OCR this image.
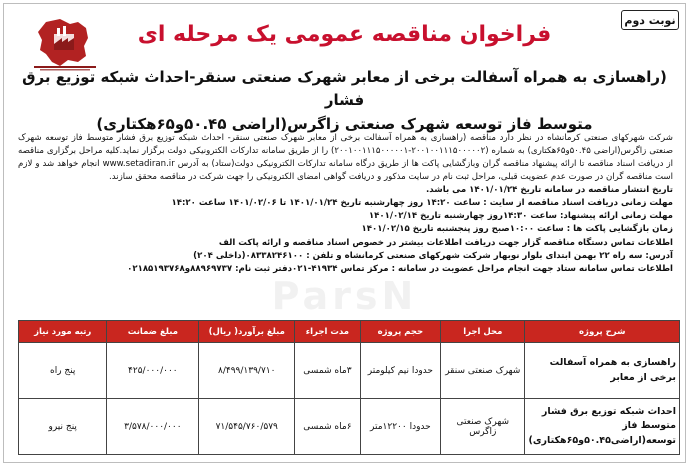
نوبت دوم
فراخوان مناقصه عمومی یک مرحله ای
(راهسازی به همراه آسفالت برخی از معابر شهرک صنعتی سنقر-احداث شبکه توزیع برق فشار
متوسط فاز توسعه شهرک صنعتی زاگرس(اراضی ۵۰.۴۵و۶۵هکتاری)
ParsN

شرکت شهرکهای صنعتی کرمانشاه در نظر دارد مناقصه (راهسازی به همراه آسفالت برخی از معابر شهرک صنعتی سنقر- احداث شبکه توزیع برق فشار متوسط فاز توسعه شهرک صنعتی زاگرس(اراضی ۵۰.۴۵و۶۵هکتاری) به شماره (۲۰۰۱۰۰۱۱۱۵۰۰۰۰۰۲-۲۰۰۱۰۰۱۱۱۵۰۰۰۰۰۱) را از طریق سامانه تدارکات الکترونیکی دولت برگزار نماید.کلیه مراحل برگزاری مناقصه از دریافت اسناد مناقصه تا ارائه پیشنهاد مناقصه گران وبازگشایی پاکت ها از طریق درگاه سامانه تدارکات الکترونیکی دولت(ستاد) به آدرس www.setadiran.ir انجام خواهد شد و لازم است مناقصه گران در صورت عدم عضویت قبلی، مراحل ثبت نام در سایت مذکور و دریافت گواهی امضای الکترونیکی را جهت شرکت در مناقصه محقق سازند.

تاریخ انتشار مناقصه در سامانه تاریخ ۱۴۰۱/۰۱/۲۴ می باشد.

مهلت زمانی دریافت اسناد مناقصه از سایت : ساعت ۱۴:۲۰ روز چهارشنبه تاریخ ۱۴۰۱/۰۱/۲۴ تا ۱۴۰۱/۰۲/۰۶ ساعت ۱۴:۲۰

مهلت زمانی ارائه پیشنهاد: ساعت ۱۴:۳۰روز چهارشنبه تاریخ ۱۴۰۱/۰۲/۱۴

زمان بازگشایی پاکت ها : ساعت ۱۰:۰۰صبح روز پنجشنبه تاریخ ۱۴۰۱/۰۲/۱۵

اطلاعات تماس دستگاه مناقصه گزار جهت دریافت اطلاعات بیشتر در خصوص اسناد مناقصه و ارائه پاکت الف

آدرس: سه راه ۲۲ بهمن ابتدای بلوار نوبهار شرکت شهرکهای صنعتی کرمانشاه و تلفن : ۰۸۳۳۸۲۴۶۱۰۰(داخلی ۲۰۴)

اطلاعات تماس سامانه ستاد جهت انجام مراحل عضویت در سامانه : مرکز تماس ۴۱۹۳۴-۰۲۱دفتر ثبت نام: ۸۸۹۶۹۷۳۷و۰۲۱۸۵۱۹۳۷۶۸

شرح پروژه	محل اجرا	حجم پروژه	مدت اجراء	مبلغ برآورد( ریال)	مبلغ ضمانت	رتبه مورد نیاز
راهسازی به همراه آسفالت برخی از معابر	شهرک صنعتی سنقر	حدودا نیم کیلومتر	۳ماه شمسی	۸/۴۹۹/۱۳۹/۷۱۰	۴۲۵/۰۰۰/۰۰۰	پنج راه
احداث شبکه توزیع برق فشار متوسط فاز توسعه(اراضی۵۰.۴۵و۶۵هکتاری)	شهرک صنعتی زاگرس	حدودا ۱۲۲۰۰متر	۶ماه شمسی	۷۱/۵۴۵/۷۶۰/۵۷۹	۳/۵۷۸/۰۰۰/۰۰۰	پنج نیرو
